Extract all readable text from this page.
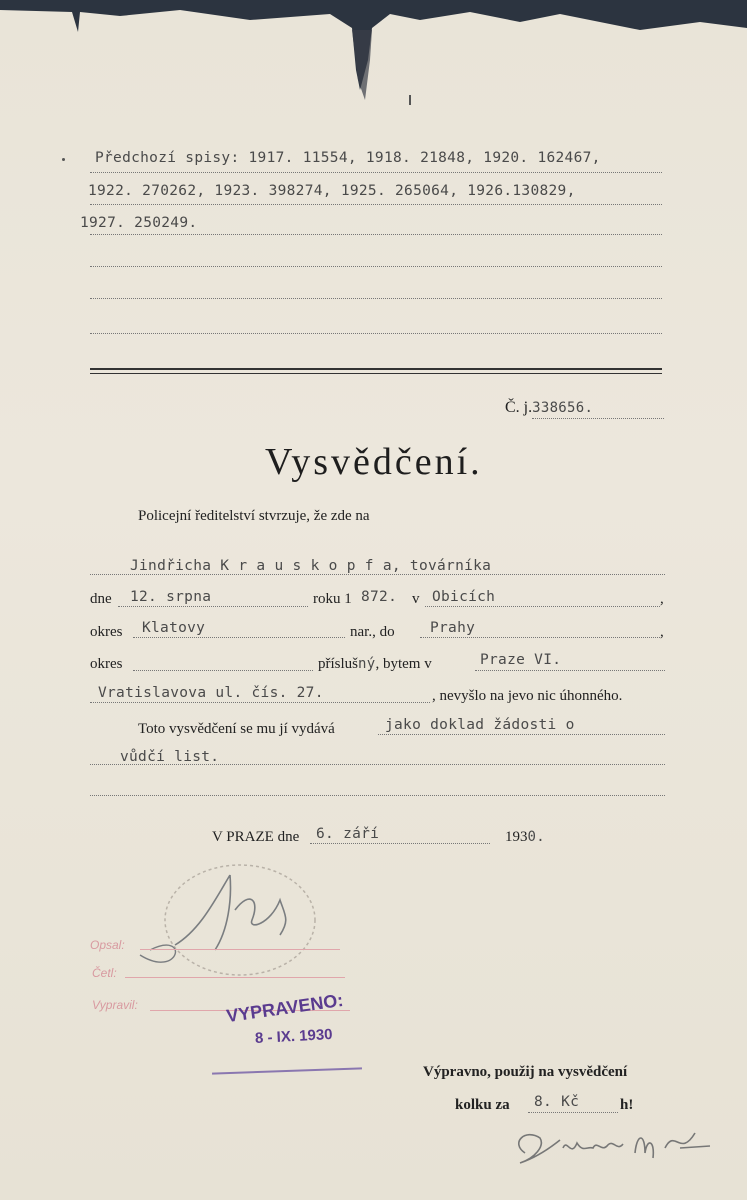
Předchozí spisy: 1917. 11554, 1918. 21848, 1920. 162467,
1922. 270262, 1923. 398274, 1925. 265064, 1926.130829,
1927. 250249.
Č. j.338656.
Vysvědčení.
Policejní ředitelství stvrzuje, že zde na
Jindřicha K r a u s k o p f a, továrníka
dne 12. srpna	roku 1 872. v Obicích	,
okres Klatovy	nar., do Prahy	,
okres	příslušný, bytem v	Praze VI.
Vratislavova ul. čís. 27.	, nevyšlo na jevo nic úhonného.
Toto vysvědčení se mu jí vydává	jako doklad žádosti o
vůdčí list.
V PRAZE dne 6. září	1930.
Opsal:
Četl:
Vypravil:	VYPRAVENO:
8 - IX. 1930
Výpravno, použij na vysvědčení
kolku za 8. Kč	h!
